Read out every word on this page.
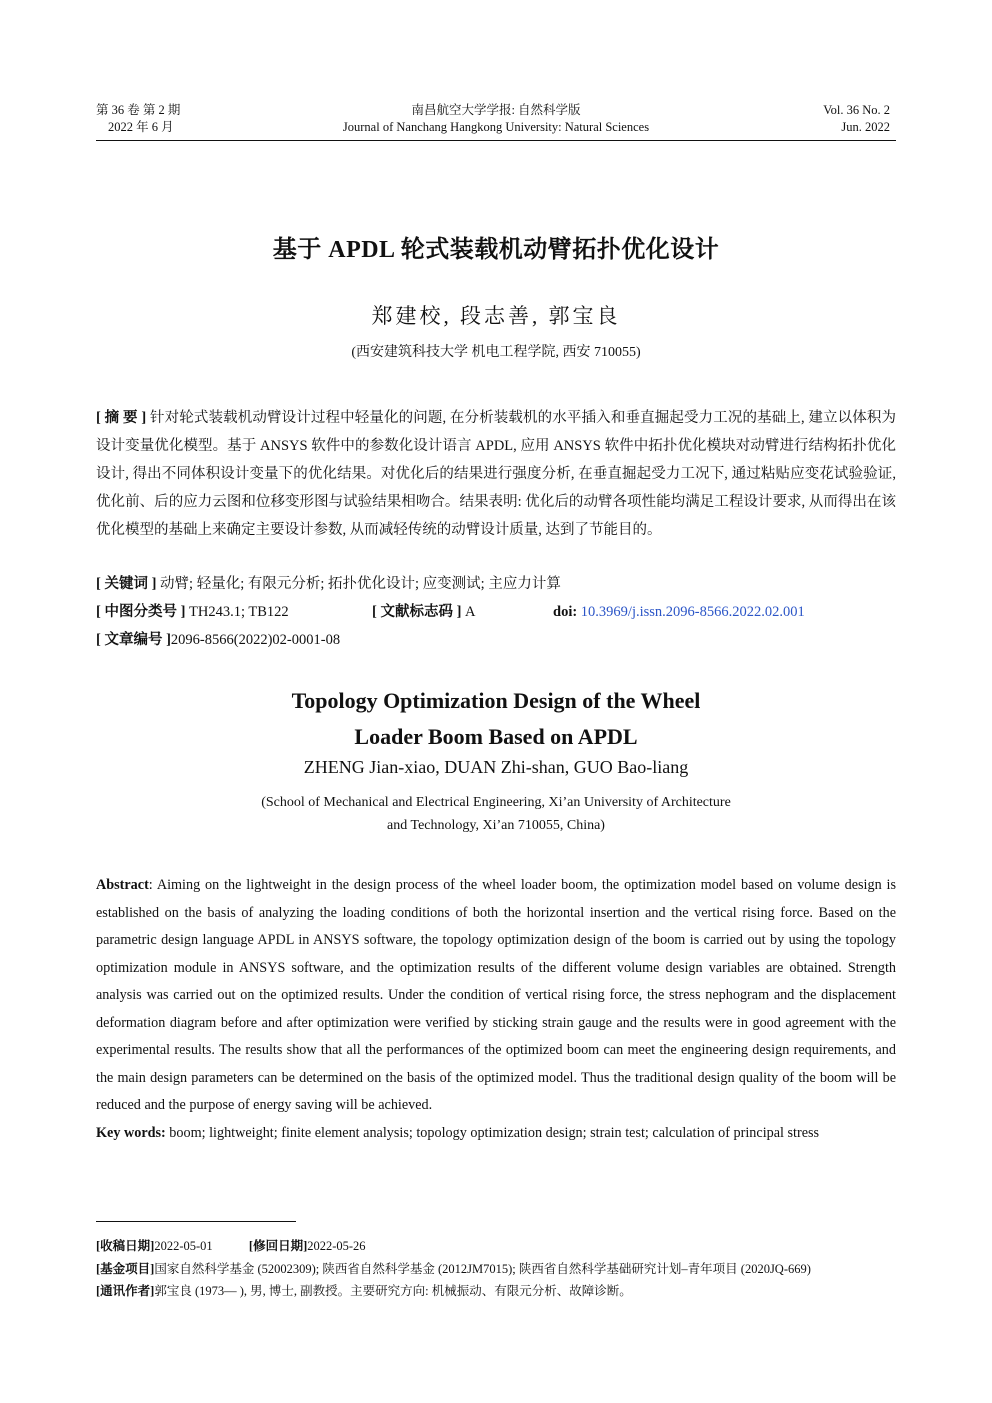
第 36 卷 第 2 期
2022 年 6 月
南昌航空大学学报: 自然科学版
Journal of Nanchang Hangkong University: Natural Sciences
Vol. 36 No. 2
Jun. 2022
基于 APDL 轮式装载机动臂拓扑优化设计
郑建校, 段志善, 郭宝良
(西安建筑科技大学 机电工程学院, 西安 710055)
[ 摘 要 ] 针对轮式装载机动臂设计过程中轻量化的问题, 在分析装载机的水平插入和垂直掘起受力工况的基础上, 建立以体积为设计变量优化模型。基于 ANSYS 软件中的参数化设计语言 APDL, 应用 ANSYS 软件中拓扑优化模块对动臂进行结构拓扑优化设计, 得出不同体积设计变量下的优化结果。对优化后的结果进行强度分析, 在垂直掘起受力工况下, 通过粘贴应变花试验验证, 优化前、后的应力云图和位移变形图与试验结果相吻合。结果表明: 优化后的动臂各项性能均满足工程设计要求, 从而得出在该优化模型的基础上来确定主要设计参数, 从而减轻传统的动臂设计质量, 达到了节能目的。
[ 关键词 ] 动臂; 轻量化; 有限元分析; 拓扑优化设计; 应变测试; 主应力计算
[ 中图分类号 ] TH243.1; TB122	[ 文献标志码 ] A	doi: 10.3969/j.issn.2096-8566.2022.02.001
[ 文章编号 ]2096-8566(2022)02-0001-08
Topology Optimization Design of the Wheel
Loader Boom Based on APDL
ZHENG Jian-xiao, DUAN Zhi-shan, GUO Bao-liang
(School of Mechanical and Electrical Engineering, Xi’an University of Architecture
and Technology, Xi’an 710055, China)
Abstract: Aiming on the lightweight in the design process of the wheel loader boom, the optimization model based on volume design is established on the basis of analyzing the loading conditions of both the horizontal insertion and the vertical rising force. Based on the parametric design language APDL in ANSYS software, the topology optimization design of the boom is carried out by using the topology optimization module in ANSYS software, and the optimization results of the different volume design variables are obtained. Strength analysis was carried out on the optimized results. Under the condition of vertical rising force, the stress nephogram and the displacement deformation diagram before and after optimization were verified by sticking strain gauge and the results were in good agreement with the experimental results. The results show that all the performances of the optimized boom can meet the engineering design requirements, and the main design parameters can be determined on the basis of the optimized model. Thus the traditional design quality of the boom will be reduced and the purpose of energy saving will be achieved.
Key words: boom; lightweight; finite element analysis; topology optimization design; strain test; calculation of principal stress
[收稿日期]2022-05-01	[修回日期]2022-05-26
[基金项目]国家自然科学基金 (52002309); 陕西省自然科学基金 (2012JM7015); 陕西省自然科学基础研究计划–青年项目 (2020JQ-669)
[通讯作者]郭宝良 (1973— ), 男, 博士, 副教授。主要研究方向: 机械振动、有限元分析、故障诊断。
